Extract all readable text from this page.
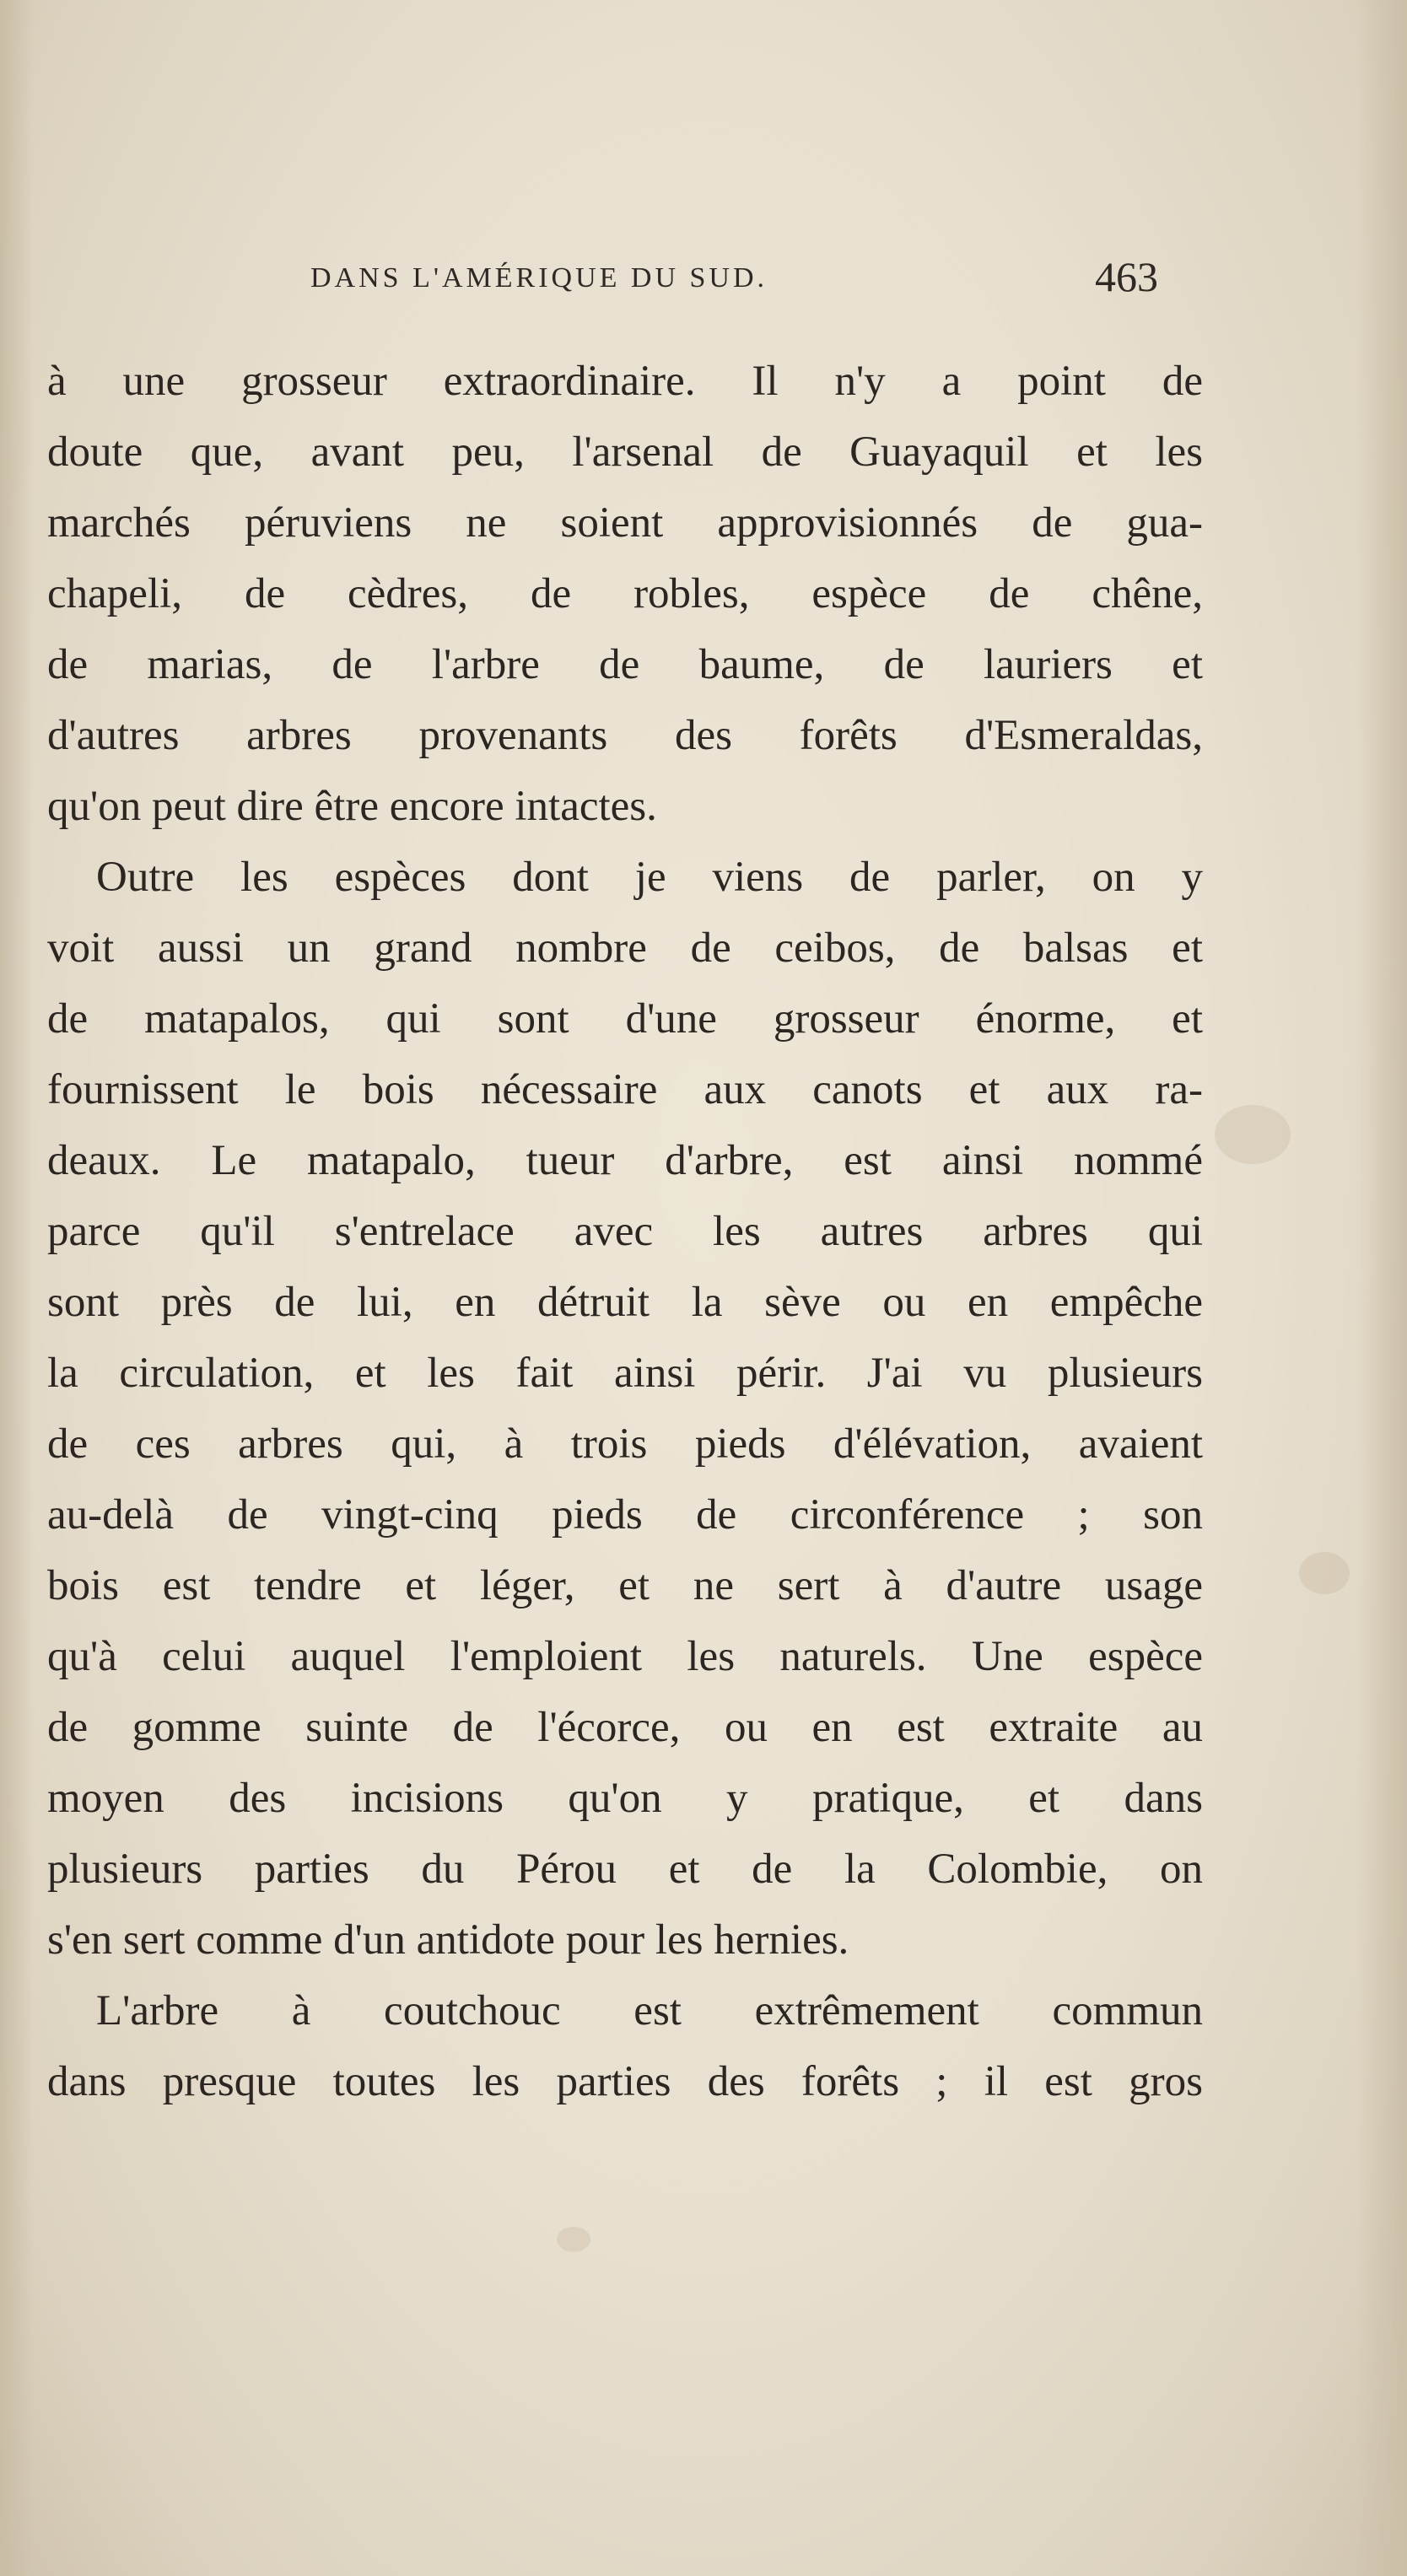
DANS L'AMÉRIQUE DU SUD.	463
à une grosseur extraordinaire. Il n'y a point de
doute que, avant peu, l'arsenal de Guayaquil et les
marchés péruviens ne soient approvisionnés de gua-
chapeli, de cèdres, de robles, espèce de chêne,
de marias, de l'arbre de baume, de lauriers et
d'autres arbres provenants des forêts d'Esmeraldas,
qu'on peut dire être encore intactes.
Outre les espèces dont je viens de parler, on y
voit aussi un grand nombre de ceibos, de balsas et
de matapalos, qui sont d'une grosseur énorme, et
fournissent le bois nécessaire aux canots et aux ra-
deaux. Le matapalo, tueur d'arbre, est ainsi nommé
parce qu'il s'entrelace avec les autres arbres qui
sont près de lui, en détruit la sève ou en empêche
la circulation, et les fait ainsi périr. J'ai vu plusieurs
de ces arbres qui, à trois pieds d'élévation, avaient
au-delà de vingt-cinq pieds de circonférence ; son
bois est tendre et léger, et ne sert à d'autre usage
qu'à celui auquel l'emploient les naturels. Une espèce
de gomme suinte de l'écorce, ou en est extraite au
moyen des incisions qu'on y pratique, et dans
plusieurs parties du Pérou et de la Colombie, on
s'en sert comme d'un antidote pour les hernies.
L'arbre à coutchouc est extrêmement commun
dans presque toutes les parties des forêts ; il est gros
